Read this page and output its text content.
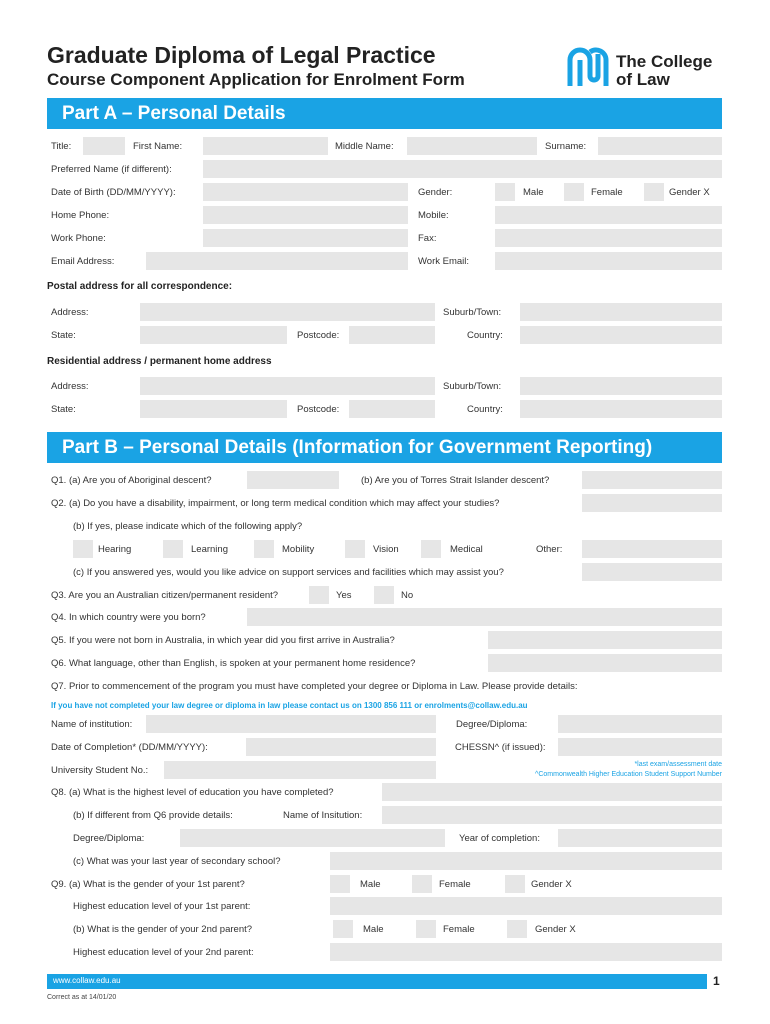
Graduate Diploma of Legal Practice
Course Component Application for Enrolment Form
The College
of Law
Part A – Personal Details
Title:	First Name:	Middle Name:	Surname:
Preferred Name (if different):
Date of Birth (DD/MM/YYYY):	Gender:	Male	Female	Gender X
Home Phone:	Mobile:
Work Phone:	Fax:
Email Address:	Work Email:
Postal address for all correspondence:
Address:	Suburb/Town:
State:	Postcode:	Country:
Residential address / permanent home address
Address:	Suburb/Town:
State:	Postcode:	Country:
Part B – Personal Details (Information for Government Reporting)
Q1. (a) Are you of Aboriginal descent?	(b) Are you of Torres Strait Islander descent?
Q2. (a) Do you have a disability, impairment, or long term medical condition which may affect your studies?
(b) If yes, please indicate which of the following apply?
Hearing	Learning	Mobility	Vision	Medical	Other:
(c) If you answered yes, would you like advice on support services and facilities which may assist you?
Q3. Are you an Australian citizen/permanent resident?	Yes	No
Q4. In which country were you born?
Q5. If you were not born in Australia, in which year did you first arrive in Australia?
Q6. What language, other than English, is spoken at your permanent home residence?
Q7. Prior to commencement of the program you must have completed your degree or Diploma in Law. Please provide details:
If you have not completed your law degree or diploma in law please contact us on 1300 856 111 or enrolments@collaw.edu.au
Name of institution:	Degree/Diploma:
Date of Completion* (DD/MM/YYYY):	CHESSN^ (if issued):
University Student No.:
*last exam/assessment date
^Commonwealth Higher Education Student Support Number
Q8. (a) What is the highest level of education you have completed?
(b) If different from Q6 provide details:	Name of Insitution:
Degree/Diploma:	Year of completion:
(c) What was your last year of secondary school?
Q9. (a) What is the gender of your 1st parent?	Male	Female	Gender X
Highest education level of your 1st parent:
(b) What is the gender of your 2nd parent?	Male	Female	Gender X
Highest education level of your 2nd parent:
www.collaw.edu.au	1
Correct as at 14/01/20
